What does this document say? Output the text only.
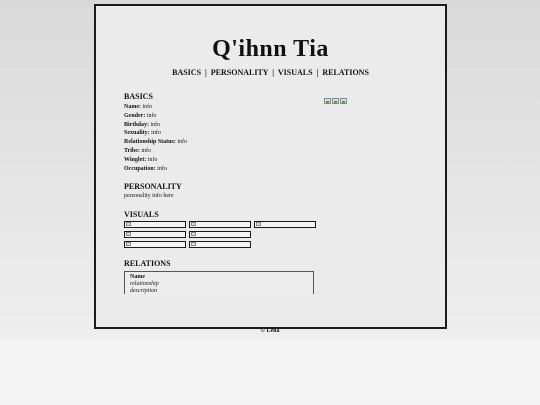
Q'ihnn Tia
BASICS | PERSONALITY | VISUALS | RELATIONS
BASICS
Name: info
Gender: info
Birthday: info
Sexuality: info
Relationship Status: info
Tribe: info
Winglet: info
Occupation: info
PERSONALITY
personality info here
VISUALS
RELATIONS
Name
relationship
description
© Lena
